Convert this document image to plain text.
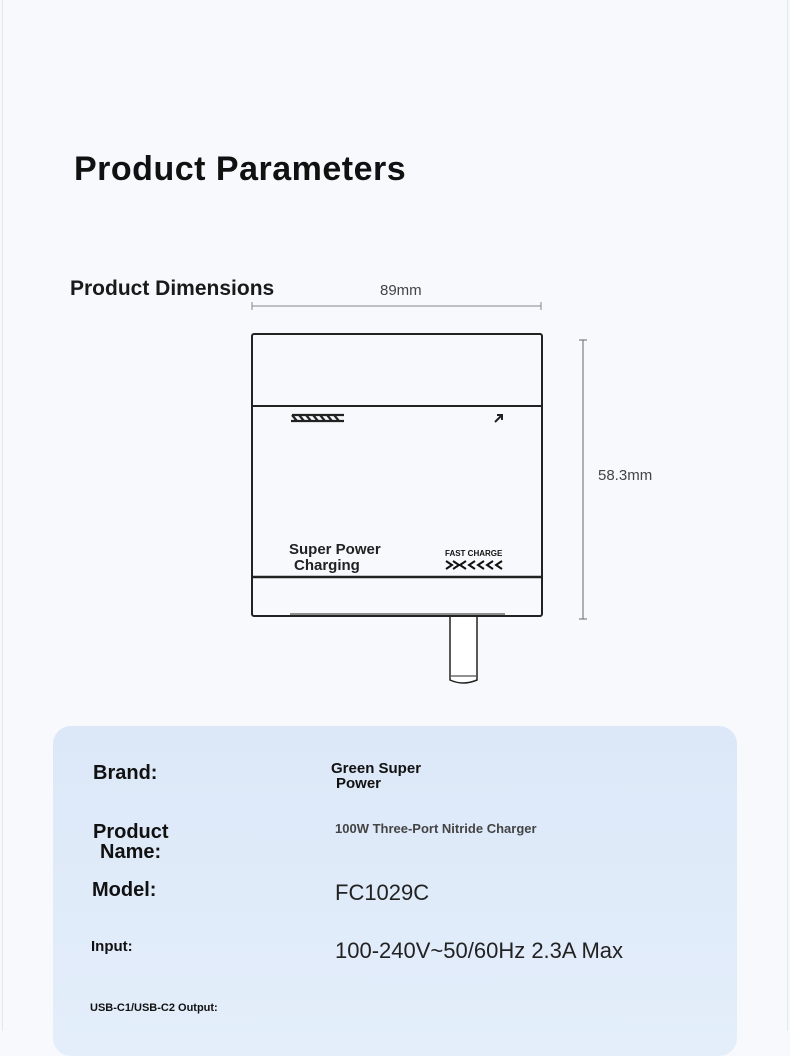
Product Parameters
Product Dimensions	89mm
58.3mm
Super Power
Charging
FAST CHARGE
Brand:	Green Super
Power
Product
Name:
100W Three-Port Nitride Charger
Model:	FC1029C
Input:	100-240V~50/60Hz 2.3A Max
USB-C1/USB-C2 Output:
